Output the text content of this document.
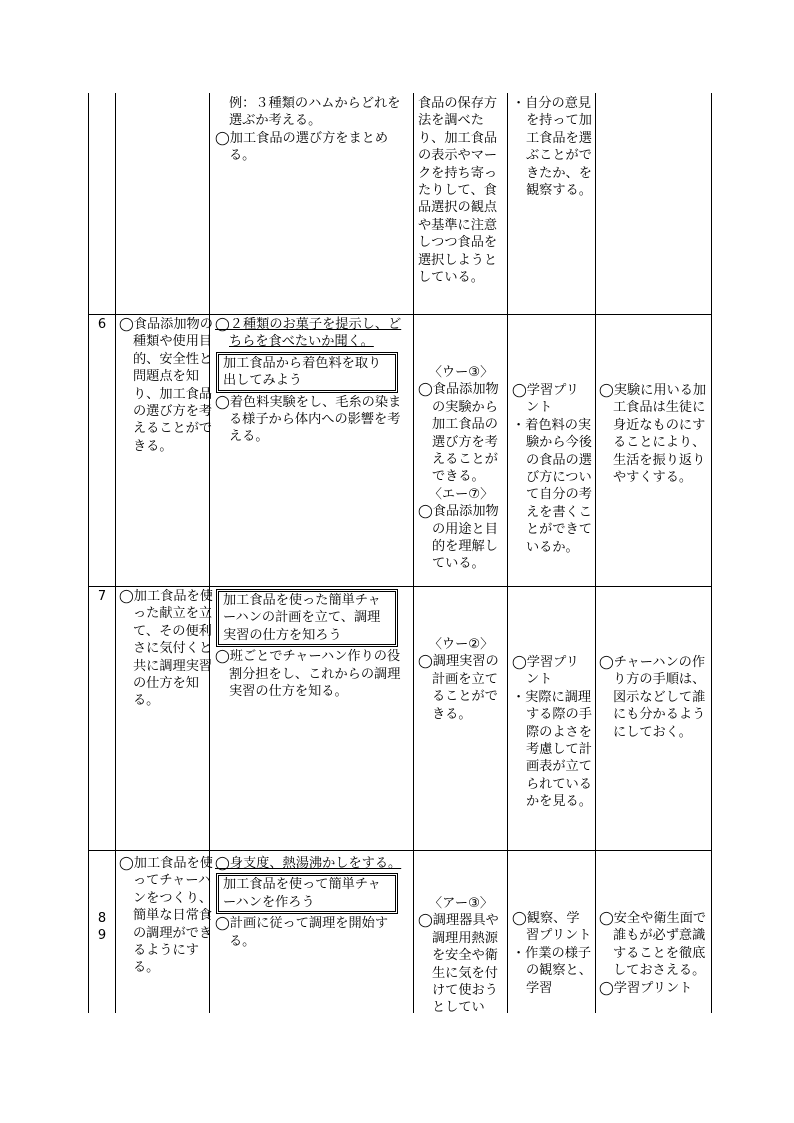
例：３種類のハムからどれを選ぶか考える。
◯加工食品の選び方をまとめる。
食品の保存方法を調べたり、加工食品の表示やマークを持ち寄ったりして、食品選択の観点や基準に注意しつつ食品を選択しようとしている。
・自分の意見を持って加工食品を選ぶことができたか、を観察する。
6 ◯食品添加物の種類や使用目的、安全性と問題点を知り、加工食品の選び方を考えることができる。
◯２種類のお菓子を提示し、どちらを食べたいか聞く。
加工食品から着色料を取り出してみよう
◯着色料実験をし、毛糸の染まる様子から体内への影響を考える。
〈ウー③〉
◯食品添加物の実験から加工食品の選び方を考えることができる。
〈エー⑦〉
◯食品添加物の用途と目的を理解している。
◯学習プリント
・着色料の実験から今後の食品の選び方について自分の考えを書くことができているか。
◯実験に用いる加工食品は生徒に身近なものにすることにより、生活を振り返りやすくする。
7 ◯加工食品を使った献立を立て、その便利さに気付くと共に調理実習の仕方を知る。
加工食品を使った簡単チャーハンの計画を立て、調理実習の仕方を知ろう
◯班ごとでチャーハン作りの役割分担をし、これからの調理実習の仕方を知る。
〈ウー②〉
◯調理実習の計画を立てることができる。
◯学習プリント
・実際に調理する際の手際のよさを考慮して計画表が立てられているかを見る。
◯チャーハンの作り方の手順は、図示などして誰にも分かるようにしておく。
8
9
◯加工食品を使ってチャーハンをつくり、簡単な日常食の調理ができるようにする。
◯身支度、熱湯沸かしをする。
加工食品を使って簡単チャーハンを作ろう
◯計画に従って調理を開始する。
〈アー③〉
◯調理器具や調理用熱源を安全や衛生に気を付けて使おうとしてい
◯観察、学習プリント
・作業の様子の観察と、学習
◯安全や衛生面で誰もが必ず意識することを徹底しておさえる。
◯学習プリント
